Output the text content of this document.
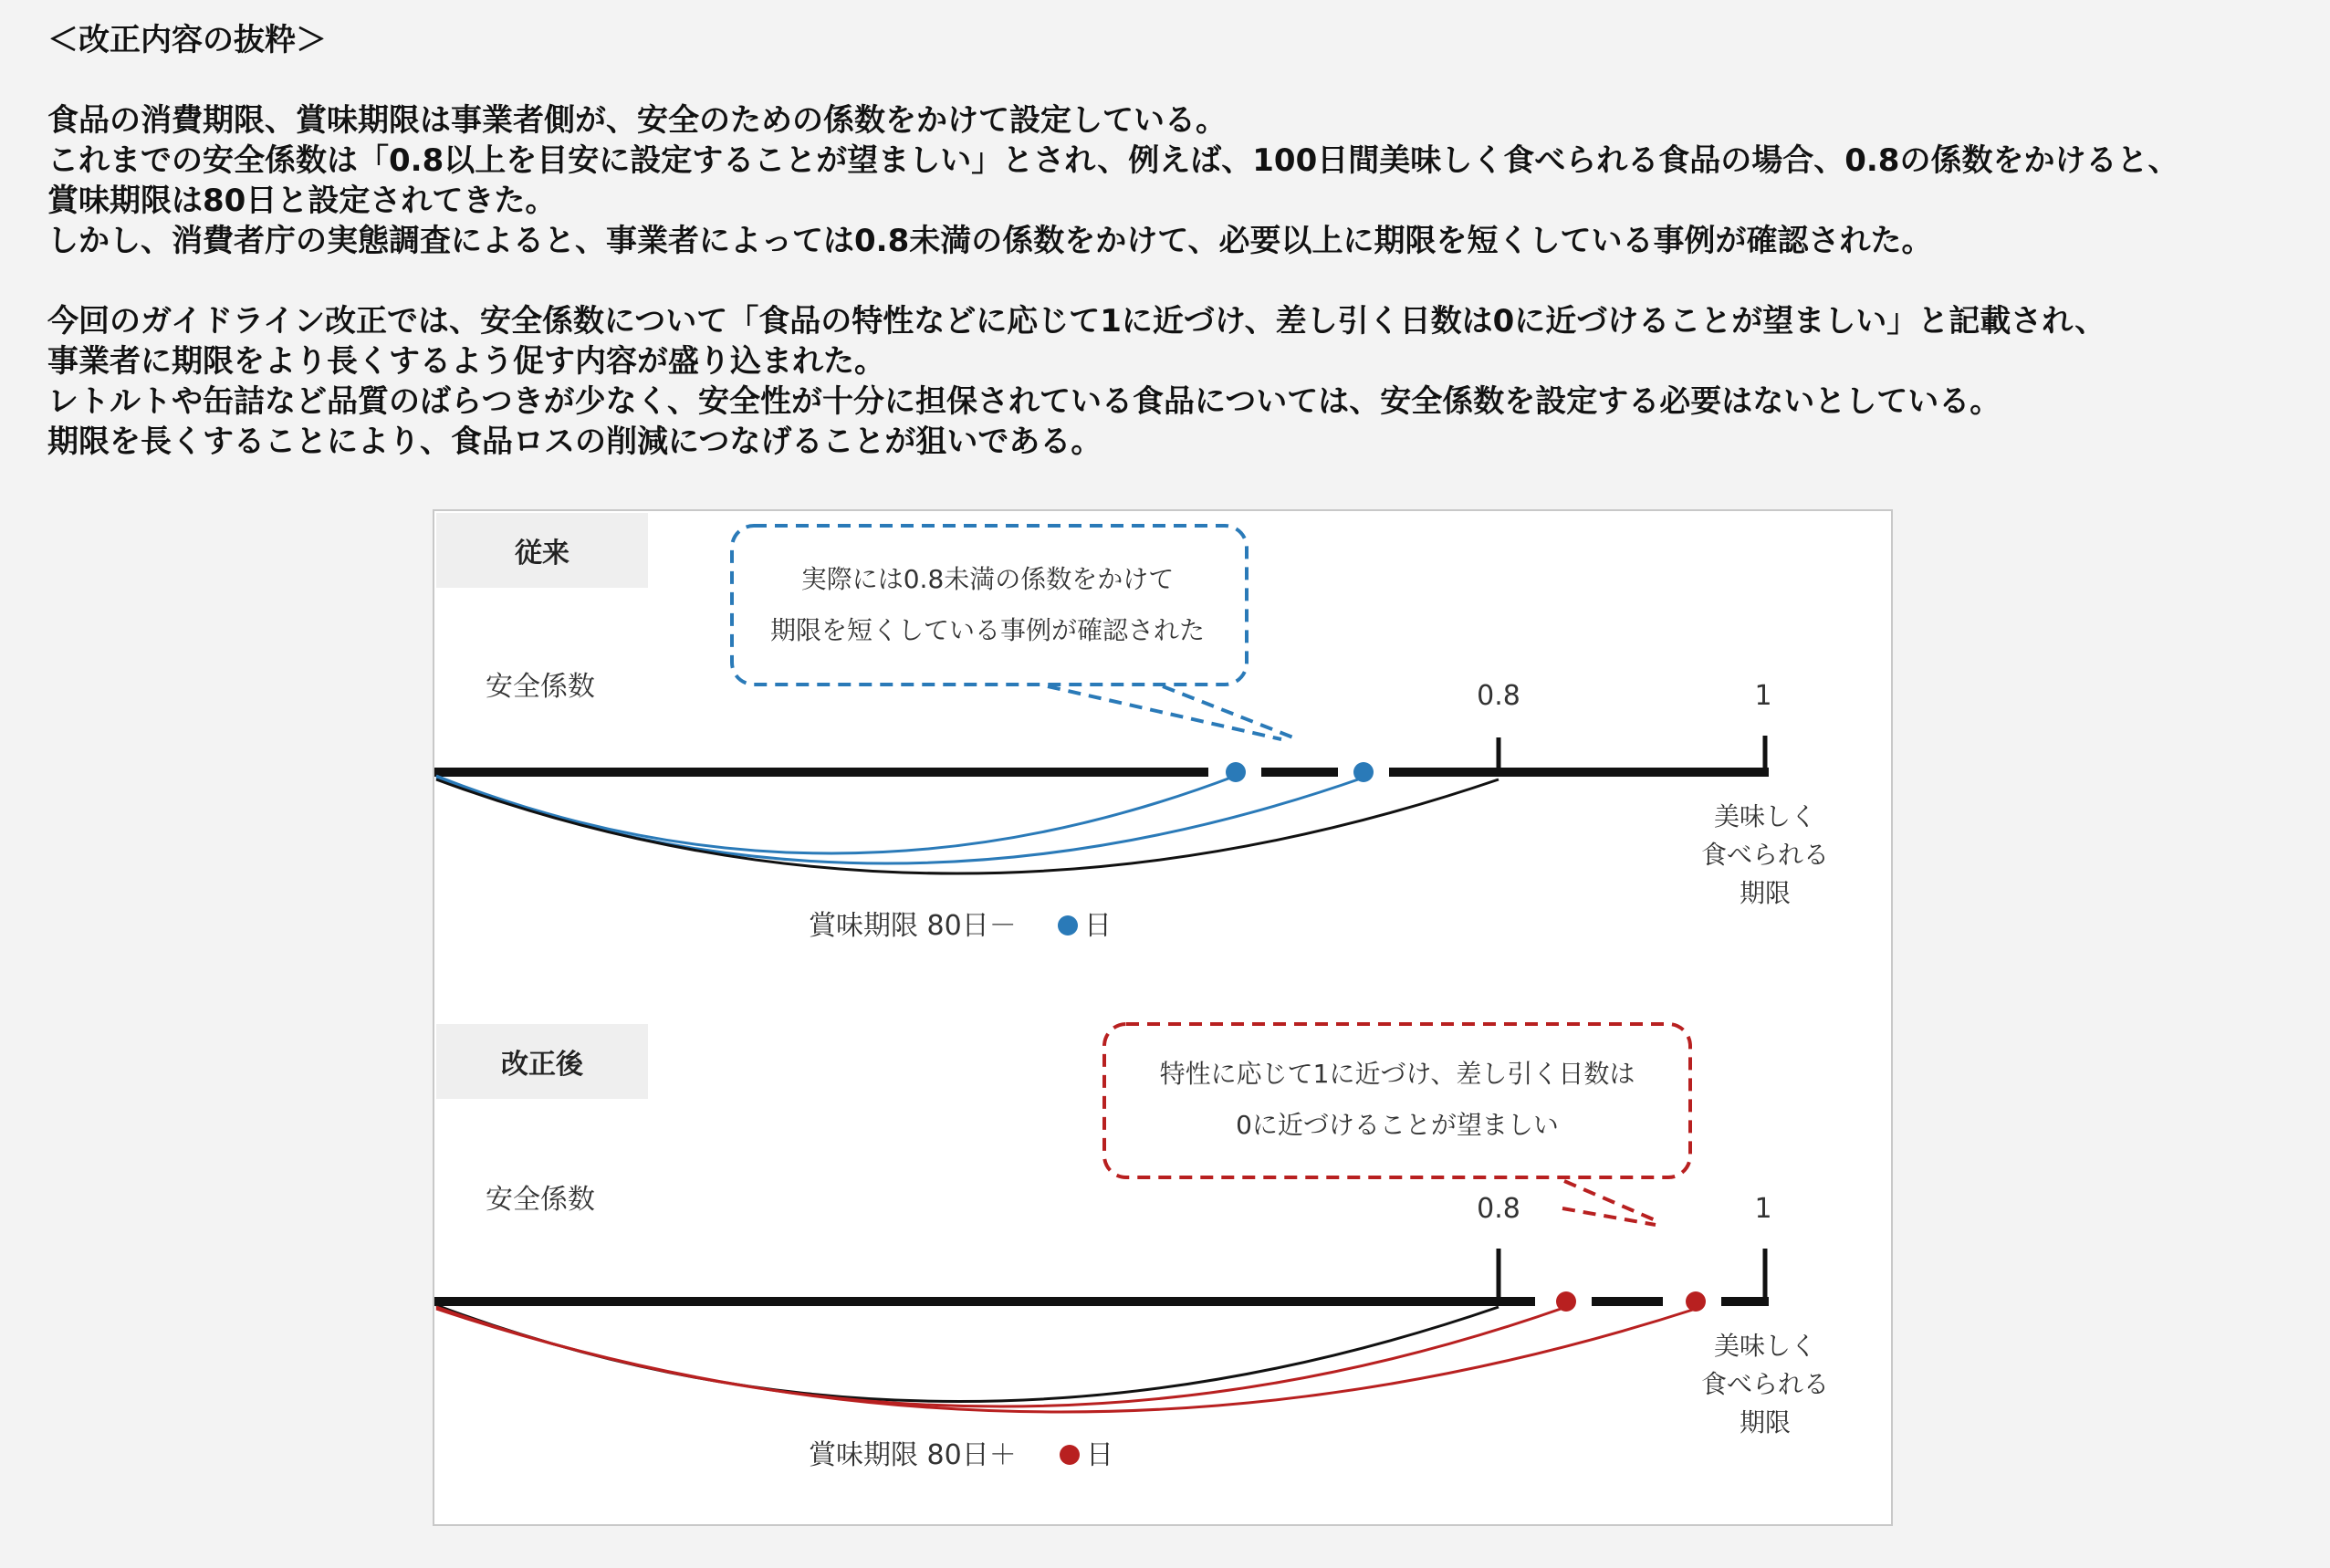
＜改正内容の抜粋＞

食品の消費期限、賞味期限は事業者側が、安全のための係数をかけて設定している。
これまでの安全係数は「0.8以上を目安に設定することが望ましい」とされ、例えば、100日間美味しく食べられる食品の場合、0.8の係数をかけると、
賞味期限は80日と設定されてきた。
しかし、消費者庁の実態調査によると、事業者によっては0.8未満の係数をかけて、必要以上に期限を短くしている事例が確認された。

今回のガイドライン改正では、安全係数について「食品の特性などに応じて1に近づけ、差し引く日数は0に近づけることが望ましい」と記載され、
事業者に期限をより長くするよう促す内容が盛り込まれた。
レトルトや缶詰など品質のばらつきが少なく、安全性が十分に担保されている食品については、安全係数を設定する必要はないとしている。
期限を長くすることにより、食品ロスの削減につなげることが狙いである。

従来
安全係数
実際には0.8未満の係数をかけて
期限を短くしている事例が確認された
0.8	1
美味しく
食べられる
期限
賞味期限 80日－ 日
改正後
安全係数
特性に応じて1に近づけ、差し引く日数は
0に近づけることが望ましい
0.8	1
美味しく
食べられる
期限
賞味期限 80日＋	日
